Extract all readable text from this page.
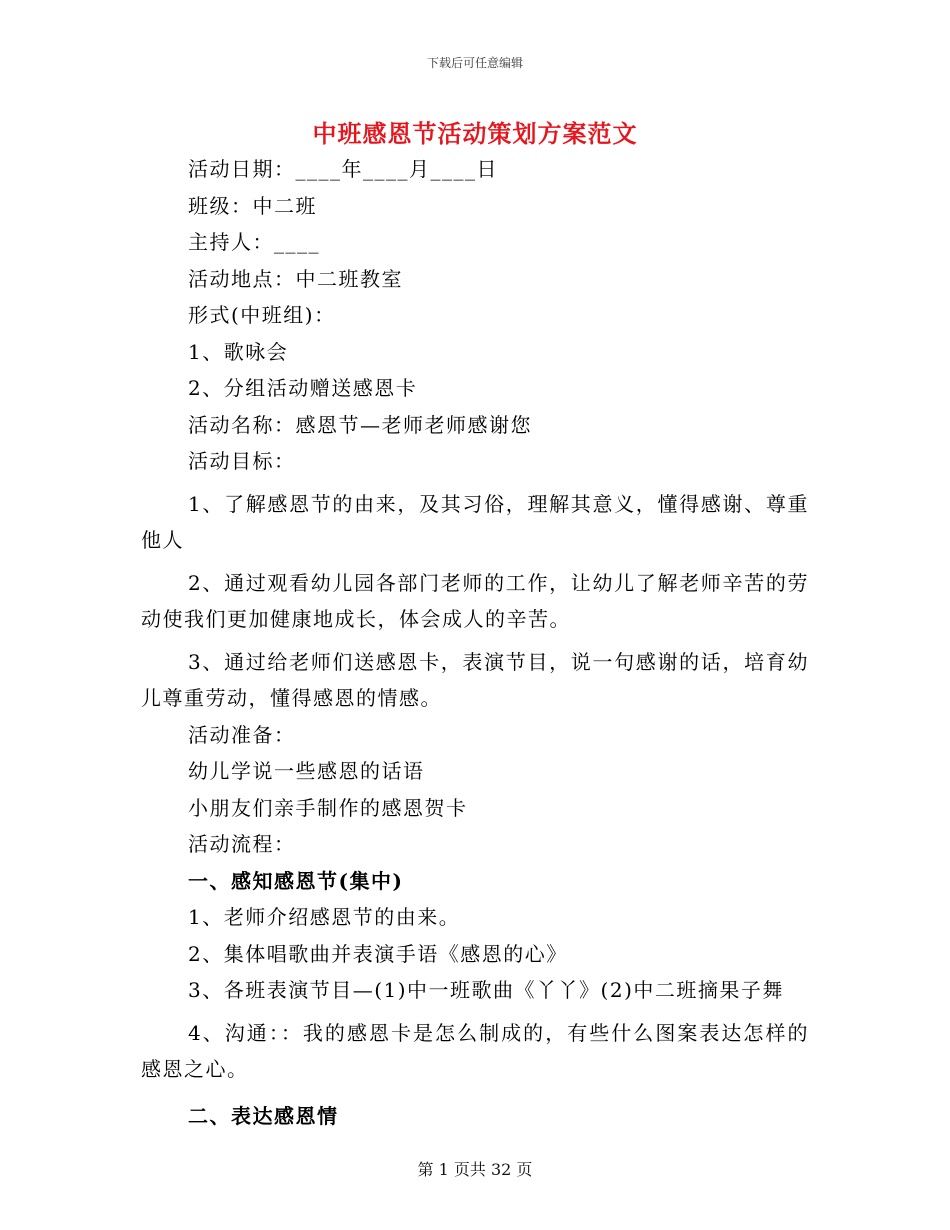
下载后可任意编辑
中班感恩节活动策划方案范文
活动日期：____年____月____日
班级：中二班
主持人：____
活动地点：中二班教室
形式(中班组)：
1、歌咏会
2、分组活动赠送感恩卡
活动名称：感恩节—老师老师感谢您
活动目标：
1、了解感恩节的由来，及其习俗，理解其意义，懂得感谢、尊重他人
2、通过观看幼儿园各部门老师的工作，让幼儿了解老师辛苦的劳动使我们更加健康地成长，体会成人的辛苦。
3、通过给老师们送感恩卡，表演节目，说一句感谢的话，培育幼儿尊重劳动，懂得感恩的情感。
活动准备：
幼儿学说一些感恩的话语
小朋友们亲手制作的感恩贺卡
活动流程：
一、感知感恩节(集中)
1、老师介绍感恩节的由来。
2、集体唱歌曲并表演手语《感恩的心》
3、各班表演节目—(1)中一班歌曲《丫丫》(2)中二班摘果子舞
4、沟通：：我的感恩卡是怎么制成的，有些什么图案表达怎样的感恩之心。
二、表达感恩情
第 1 页共 32 页
